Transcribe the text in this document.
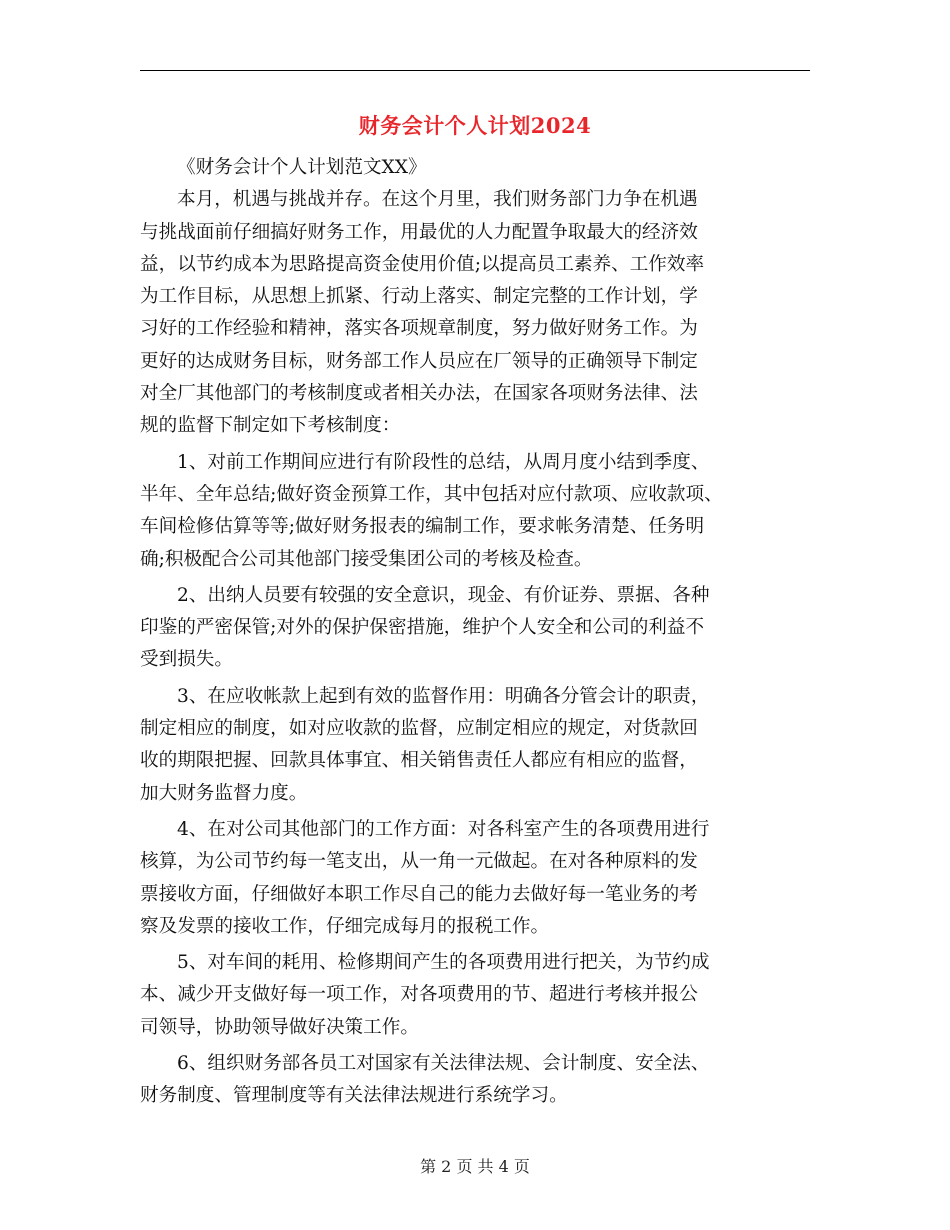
财务会计个人计划2024
《财务会计个人计划范文XX》
本月，机遇与挑战并存。在这个月里，我们财务部门力争在机遇
与挑战面前仔细搞好财务工作，用最优的人力配置争取最大的经济效
益，以节约成本为思路提高资金使用价值;以提高员工素养、工作效率
为工作目标，从思想上抓紧、行动上落实、制定完整的工作计划，学
习好的工作经验和精神，落实各项规章制度，努力做好财务工作。为
更好的达成财务目标，财务部工作人员应在厂领导的正确领导下制定
对全厂其他部门的考核制度或者相关办法，在国家各项财务法律、法
规的监督下制定如下考核制度：
1、对前工作期间应进行有阶段性的总结，从周月度小结到季度、
半年、全年总结;做好资金预算工作，其中包括对应付款项、应收款项、
车间检修估算等等;做好财务报表的编制工作，要求帐务清楚、任务明
确;积极配合公司其他部门接受集团公司的考核及检查。
2、出纳人员要有较强的安全意识，现金、有价证券、票据、各种
印鉴的严密保管;对外的保护保密措施，维护个人安全和公司的利益不
受到损失。
3、在应收帐款上起到有效的监督作用：明确各分管会计的职责，
制定相应的制度，如对应收款的监督，应制定相应的规定，对货款回
收的期限把握、回款具体事宜、相关销售责任人都应有相应的监督，
加大财务监督力度。
4、在对公司其他部门的工作方面：对各科室产生的各项费用进行
核算，为公司节约每一笔支出，从一角一元做起。在对各种原料的发
票接收方面，仔细做好本职工作尽自己的能力去做好每一笔业务的考
察及发票的接收工作，仔细完成每月的报税工作。
5、对车间的耗用、检修期间产生的各项费用进行把关，为节约成
本、减少开支做好每一项工作，对各项费用的节、超进行考核并报公
司领导，协助领导做好决策工作。
6、组织财务部各员工对国家有关法律法规、会计制度、安全法、
财务制度、管理制度等有关法律法规进行系统学习。
第 2 页 共 4 页
